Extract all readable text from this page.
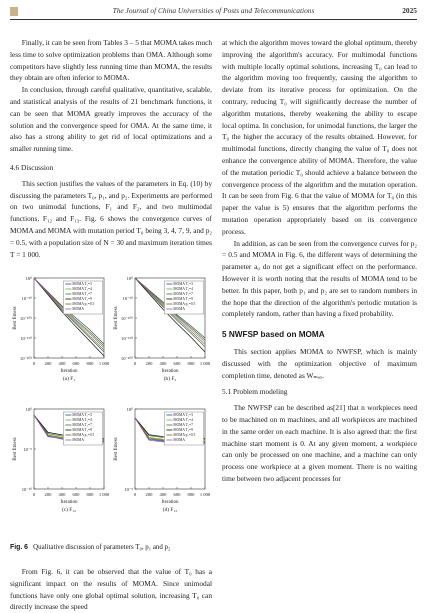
The Journal of China Universities of Posts and Telecommunications	2025

Finally, it can be seen from Tables 3 – 5 that MOMA takes much less time to solve optimization problems than OMA. Although some competitors have slightly less running time than MOMA, the results they obtain are often inferior to MOMA.

In conclusion, through careful qualitative, quantitative, scalable, and statistical analysis of the results of 21 benchmark functions, it can be seen that MOMA greatly improves the accuracy of the solution and the convergence speed for OMA. At the same time, it also has a strong ability to get rid of local optimizations and a smaller running time.

4.6 Discussion

This section justifies the values of the parameters in Eq. (10) by discussing the parameters T₀, p₁, and p₂. Experiments are performed on two unimodal functions, F₁ and F₂, and two multimodal functions, F₁₂ and F₁₃. Fig. 6 shows the convergence curves of MOMA and MOMA with mutation period T₀ being 3, 4, 7, 9, and p₂ = 0.5, with a population size of N = 30 and maximum iteration times T = 1 000.

10⁰
10⁻⁵⁰
10⁻¹⁰⁰
10⁻¹⁵⁰
10⁻²⁰⁰
0 200 400 600 800 1 000
Iteration
Best fitness
(a) F₁
MOMA T₀=3
MOMA T₀=4
MOMA T₀=7
MOMA T₀=9
MOMA p₂=0.5
MOMA
10⁰
10⁻⁵⁰
10⁻¹⁰⁰
10⁻¹⁵⁰
10⁻²⁰⁰
0 200 400 600 800 1 000
Iteration
Best fitness
(b) F₂
MOMA T₀=3
MOMA T₀=4
MOMA T₀=7
MOMA T₀=9
MOMA p₂=0.5
MOMA
10⁰
10⁻⁵
10⁻¹⁰
0 200 400 600 800 1 000
Iteration
Best fitness
(c) F₁₂
MOMA T₀=3
MOMA T₀=4
MOMA T₀=7
MOMA T₀=9
MOMA p₂=0.5
MOMA
10⁰
10⁻⁵
0 200 400 600 800 1 000
Iteration
Best fitness
(d) F₁₃
MOMA T₀=3
MOMA T₀=4
MOMA T₀=7
MOMA T₀=9
MOMA p₂=0.5
MOMA
Fig. 6 Qualitative discussion of parameters T₀, p₁ and p₂

From Fig. 6, it can be observed that the value of T₀ has a significant impact on the results of MOMA. Since unimodal functions have only one global optimal solution, increasing T₀ can directly increase the speed

at which the algorithm moves toward the global optimum, thereby improving the algorithm's accuracy. For multimodal functions with multiple locally optimal solutions, increasing T₀ can lead to the algorithm moving too frequently, causing the algorithm to deviate from its iterative process for optimization. On the contrary, reducing T₀ will significantly decrease the number of algorithm mutations, thereby weakening the ability to escape local optima. In conclusion, for unimodal functions, the larger the T₀ the higher the accuracy of the results obtained. However, for multimodal functions, directly changing the value of T₀ does not enhance the convergence ability of MOMA. Therefore, the value of the mutation periodic T₀ should achieve a balance between the convergence process of the algorithm and the mutation operation. It can be seen from Fig. 6 that the value of MOMA for T₀ (in this paper the value is 5) ensures that the algorithm performs the mutation operation appropriately based on its convergence process.

In addition, as can be seen from the convergence curves for p₂ = 0.5 and MOMA in Fig. 6, the different ways of determining the parameter a₀ do not get a significant effect on the performance. However it is worth noting that the results of MOMA tend to be better. In this paper, both p₁ and p₂ are set to random numbers in the hope that the direction of the algorithm's periodic mutation is completely random, rather than having a fixed probability.

5 NWFSP based on MOMA

This section applies MOMA to NWFSP, which is mainly discussed with the optimization objective of maximum completion time, denoted as Wₘₐₓ.

5.1 Problem modeling

The NWFSP can be described as[21] that n workpieces need to be machined on m machines, and all workpieces are machined in the same order on each machine. It is also agreed that: the first machine start moment is 0. At any given moment, a workpiece can only be processed on one machine, and a machine can only process one workpiece at a given moment. There is no waiting time between two adjacent processes for
